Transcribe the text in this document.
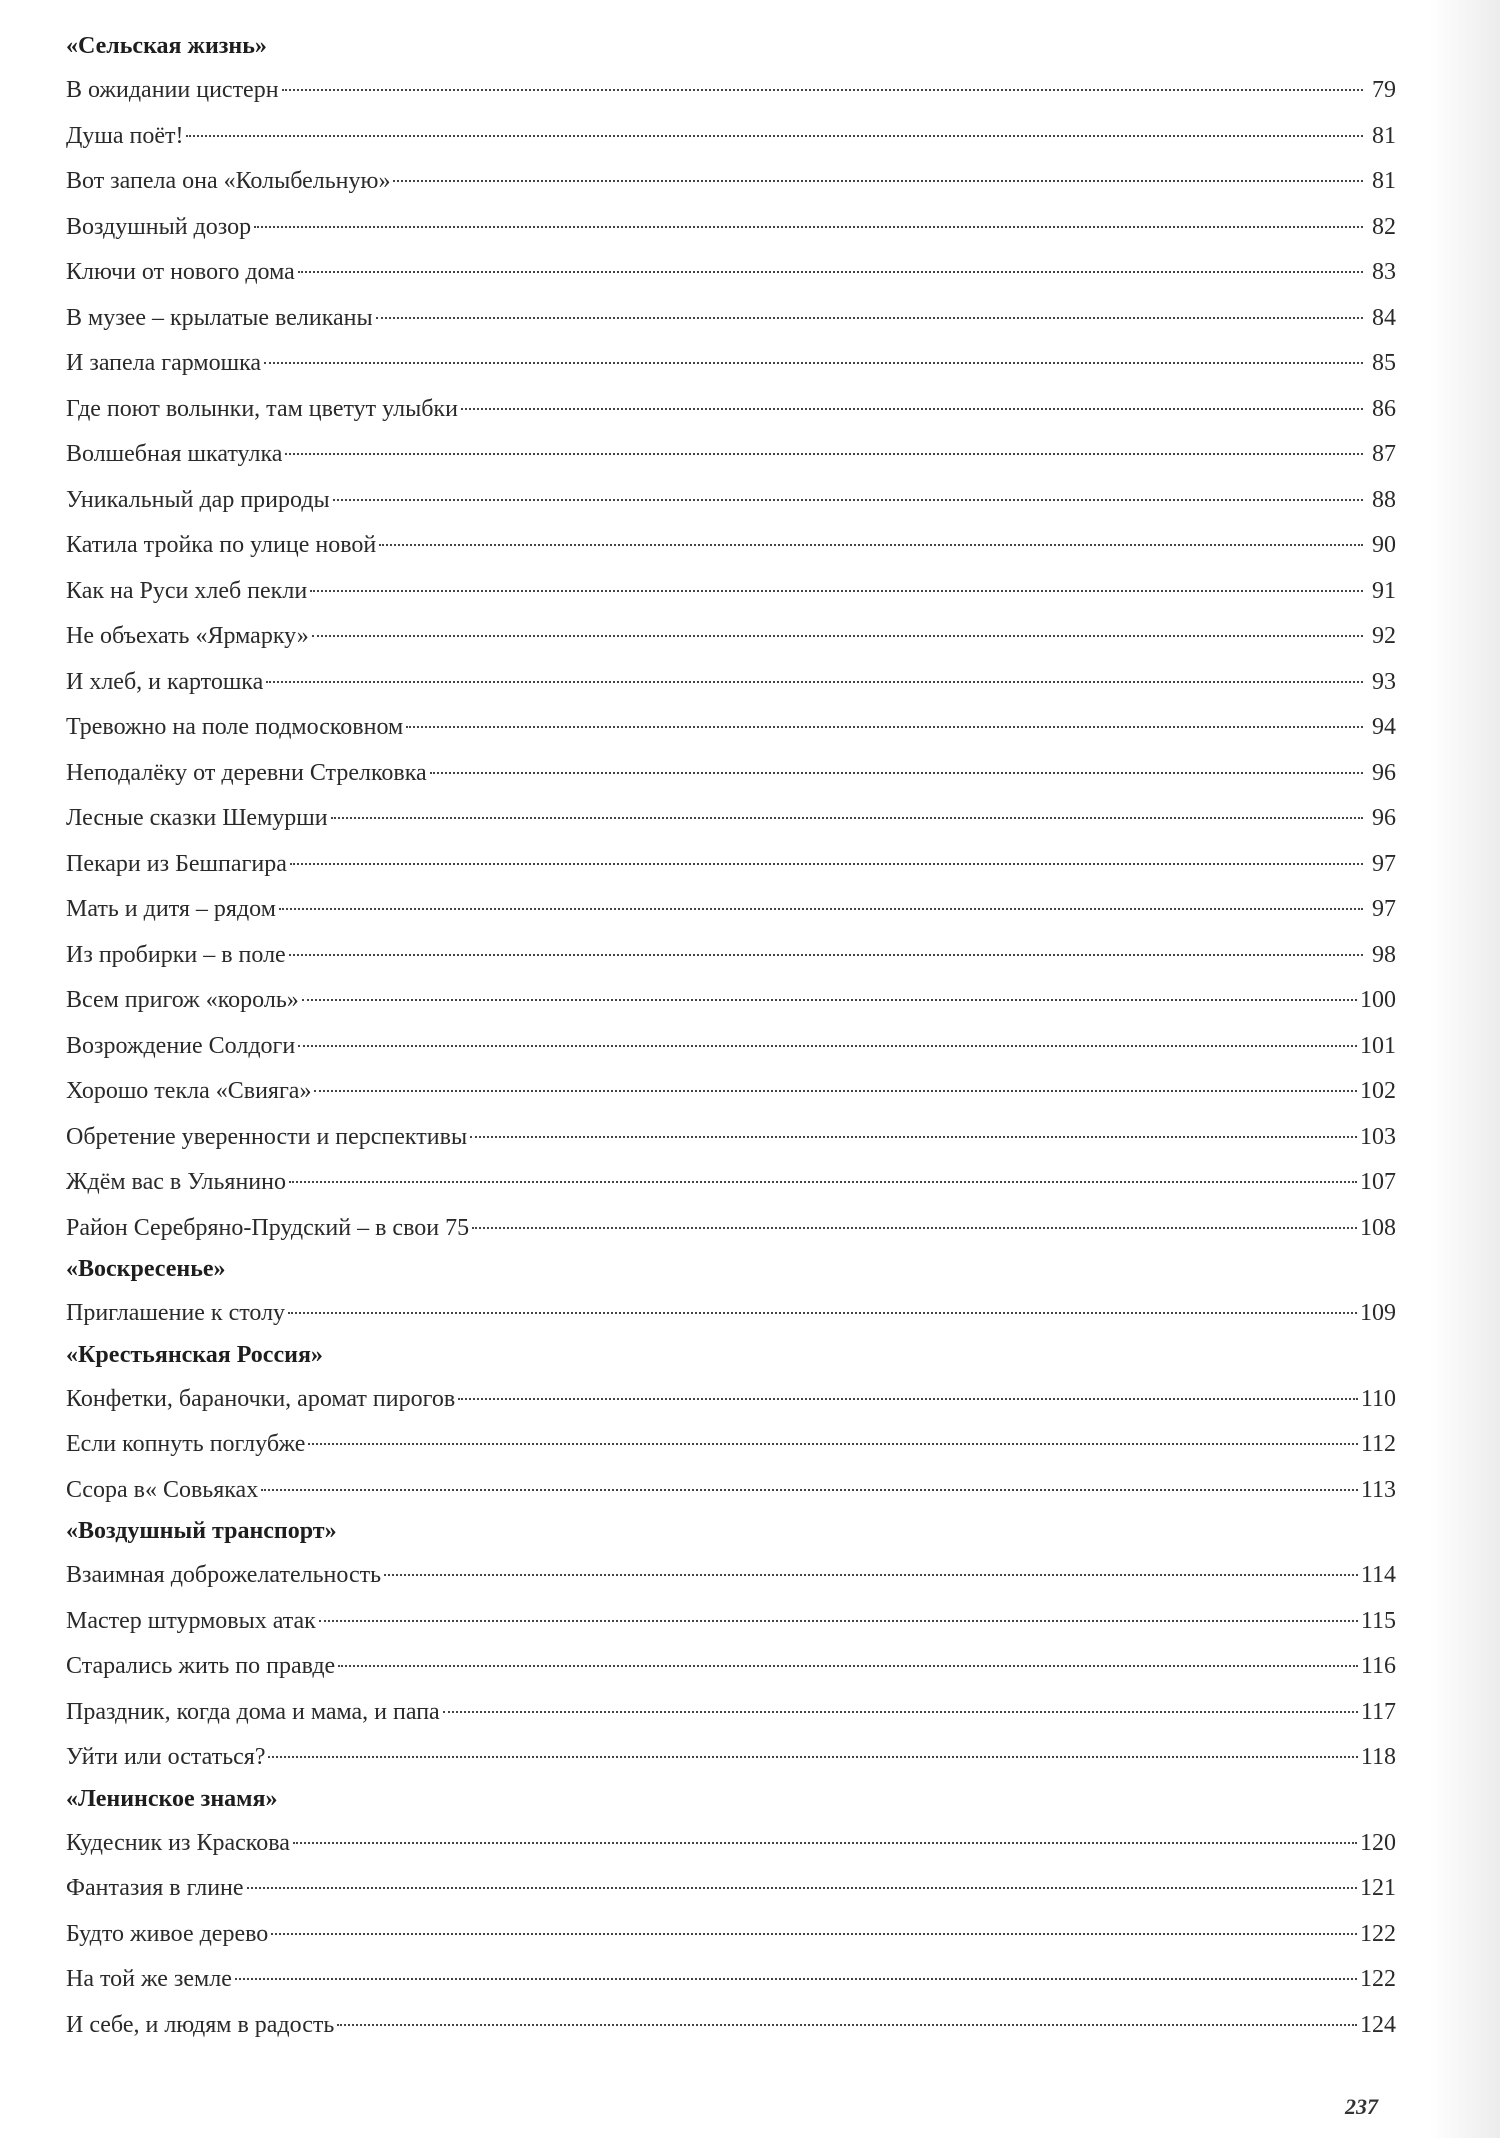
«Сельская жизнь»
В ожидании цистерн	79
Душа поёт!	81
Вот запела она «Колыбельную»	81
Воздушный дозор	82
Ключи от нового дома	83
В музее – крылатые великаны	84
И запела гармошка	85
Где поют волынки, там цветут улыбки	86
Волшебная шкатулка	87
Уникальный дар природы	88
Катила тройка по улице новой	90
Как на Руси хлеб пекли	91
Не объехать «Ярмарку»	92
И хлеб, и картошка	93
Тревожно на поле подмосковном	94
Неподалёку от деревни Стрелковка	96
Лесные сказки Шемурши	96
Пекари из Бешпагира	97
Мать и дитя – рядом	97
Из пробирки – в поле	98
Всем пригож «король»	100
Возрождение Солдоги	101
Хорошо текла «Свияга»	102
Обретение уверенности и перспективы	103
Ждём вас в Ульянино	107
Район Серебряно-Прудский – в свои 75	108
«Воскресенье»
Приглашение к столу	109
«Крестьянская Россия»
Конфетки, бараночки, аромат пирогов	110
Если копнуть поглубже	112
Ссора в« Совьяках	113
«Воздушный транспорт»
Взаимная доброжелательность	114
Мастер штурмовых атак	115
Старались жить по правде	116
Праздник, когда дома и мама, и папа	117
Уйти или остаться?	118
«Ленинское знамя»
Кудесник из Краскова	120
Фантазия в глине	121
Будто живое дерево	122
На той же земле	122
И себе, и людям в радость	124
237
